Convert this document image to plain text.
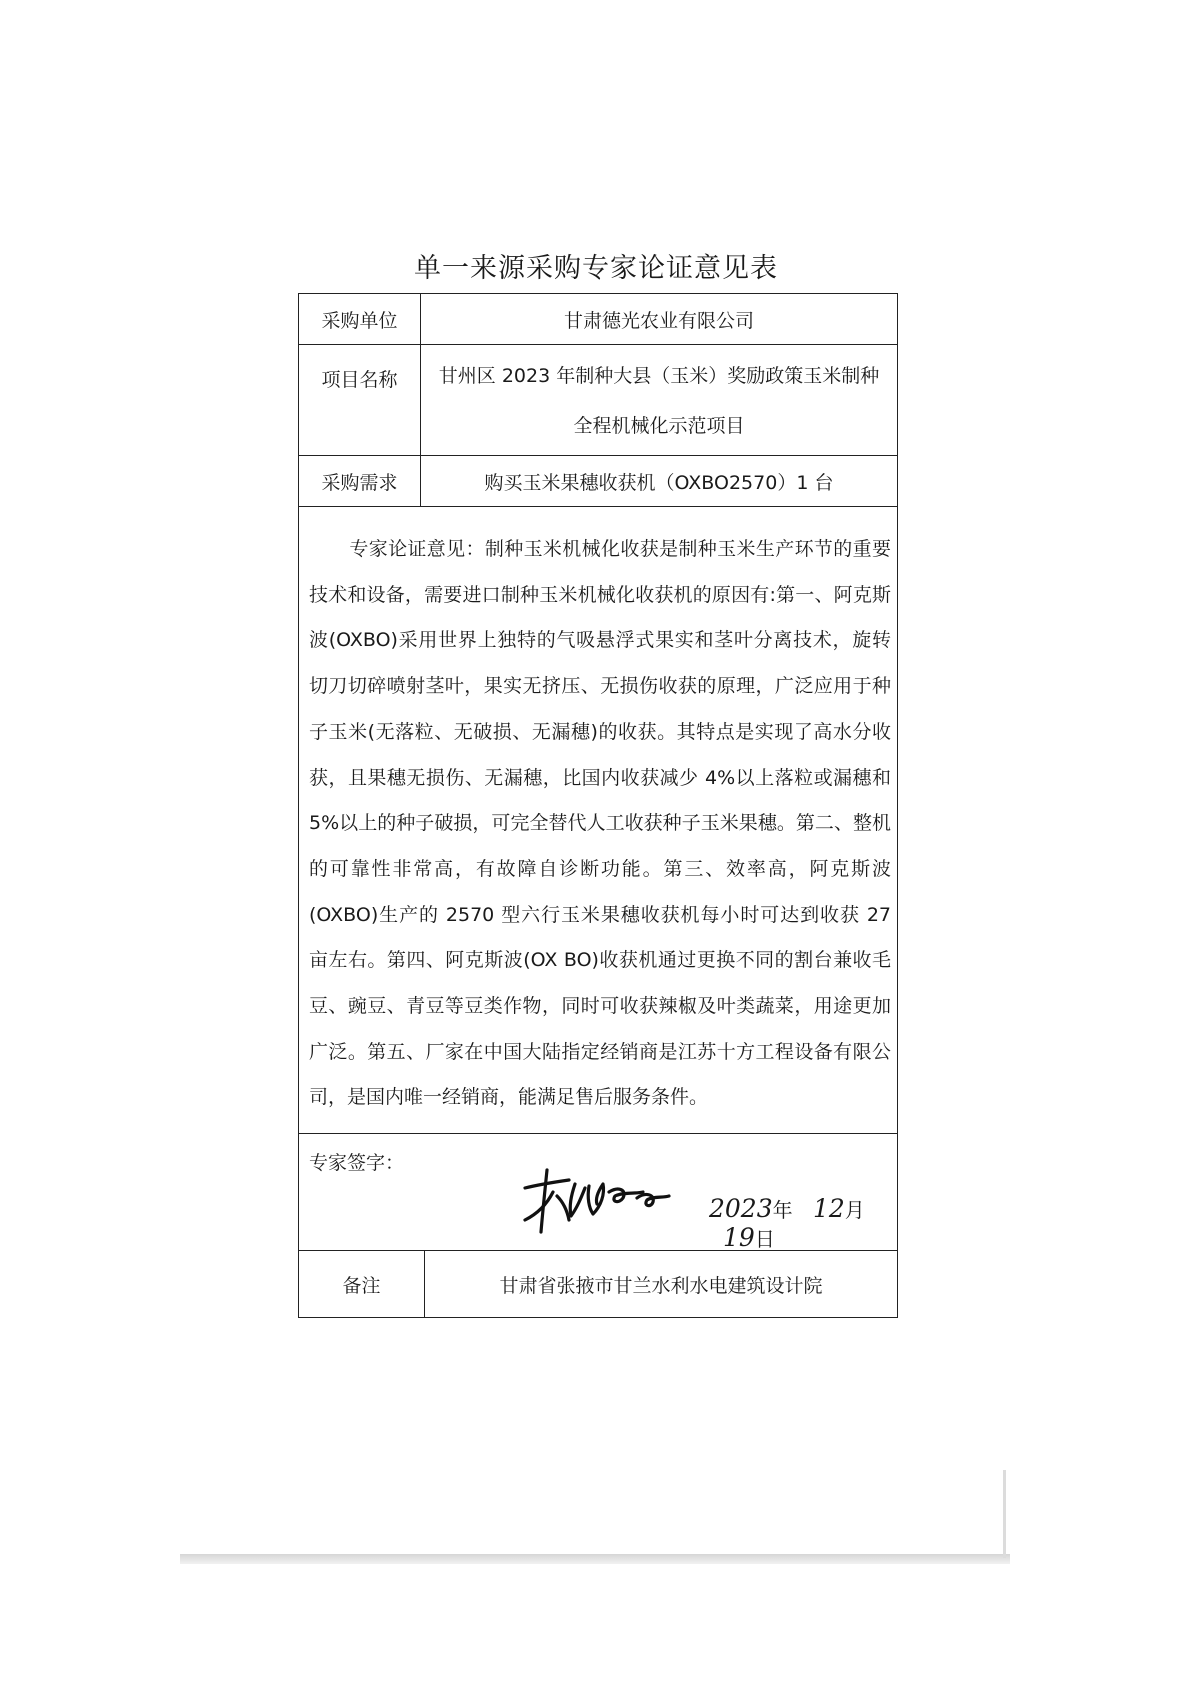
单一来源采购专家论证意见表
采购单位	甘肃德光农业有限公司	
项目名称	甘州区 2023 年制种大县（玉米）奖励政策玉米制种
全程机械化示范项目	

采购需求	购买玉米果穗收获机（OXBO2570）1 台	
专家论证意见：制种玉米机械化收获是制种玉米生产环节的重要技术和设备，需要进口制种玉米机械化收获机的原因有:第一、阿克斯波(OXBO)采用世界上独特的气吸悬浮式果实和茎叶分离技术，旋转切刀切碎喷射茎叶，果实无挤压、无损伤收获的原理，广泛应用于种子玉米(无落粒、无破损、无漏穗)的收获。其特点是实现了高水分收获，且果穗无损伤、无漏穗，比国内收获减少 4%以上落粒或漏穗和5%以上的种子破损，可完全替代人工收获种子玉米果穗。第二、整机的可靠性非常高，有故障自诊断功能。第三、效率高，阿克斯波(OXBO)生产的 2570 型六行玉米果穗收获机每小时可达到收获 27 亩左右。第四、阿克斯波(OX BO)收获机通过更换不同的割台兼收毛豆、豌豆、青豆等豆类作物，同时可收获辣椒及叶类蔬菜，用途更加广泛。第五、厂家在中国大陆指定经销商是江苏十方工程设备有限公司，是国内唯一经销商，能满足售后服务条件。		

专家签字：
2023年 12月 19日		

备注		甘肃省张掖市甘兰水利水电建筑设计院
